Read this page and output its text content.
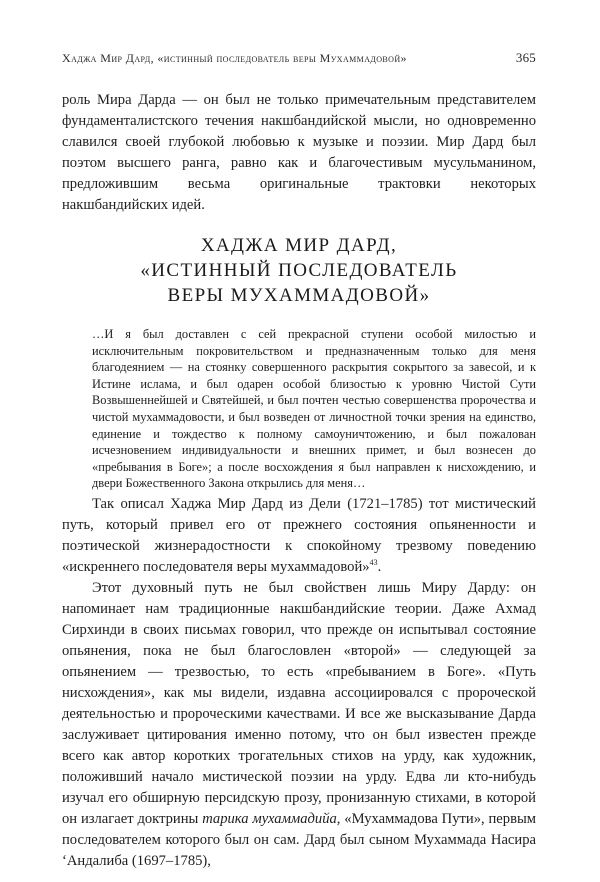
Хаджа Мир Дард, «истинный последователь веры Мухаммадовой»	365

роль Мира Дарда — он был не только примечательным представителем фундаменталистского течения накшбандийской мысли, но одновременно славился своей глубокой любовью к музыке и поэзии. Мир Дард был поэтом высшего ранга, равно как и благочестивым мусульманином, предложившим весьма оригинальные трактовки некоторых накшбандийских идей.

ХАДЖА МИР ДАРД,
«ИСТИННЫЙ ПОСЛЕДОВАТЕЛЬ
ВЕРЫ МУХАММАДОВОЙ»

…И я был доставлен с сей прекрасной ступени особой милостью и исключительным покровительством и предназначенным только для меня благодеянием — на стоянку совершенного раскрытия сокрытого за завесой, и к Истине ислама, и был одарен особой близостью к уровню Чистой Сути Возвышеннейшей и Святейшей, и был почтен честью совершенства пророчества и чистой мухаммадовости, и был возведен от личностной точки зрения на единство, единение и тождество к полному самоуничтожению, и был пожалован исчезновением индивидуальности и внешних примет, и был вознесен до «пребывания в Боге»; а после восхождения я был направлен к нисхождению, и двери Божественного Закона открылись для меня…

Так описал Хаджа Мир Дард из Дели (1721–1785) тот мистический путь, который привел его от прежнего состояния опьяненности и поэтической жизнерадостности к спокойному трезвому поведению «искреннего последователя веры мухаммадовой»$^{43}$.

Этот духовный путь не был свойствен лишь Миру Дарду: он напоминает нам традиционные накшбандийские теории. Даже Ахмад Сирхинди в своих письмах говорил, что прежде он испытывал состояние опьянения, пока не был благословлен «второй» — следующей за опьянением — трезвостью, то есть «пребыванием в Боге». «Путь нисхождения», как мы видели, издавна ассоциировался с пророческой деятельностью и пророческими качествами. И все же высказывание Дарда заслуживает цитирования именно потому, что он был известен прежде всего как автор коротких трогательных стихов на урду, как художник, положивший начало мистической поэзии на урду. Едва ли кто-нибудь изучал его обширную персидскую прозу, пронизанную стихами, в которой он излагает доктрины тарика мухаммадийа, «Мухаммадова Пути», первым последователем которого был он сам. Дард был сыном Мухаммада Насира ‘Андалиба (1697–1785),
